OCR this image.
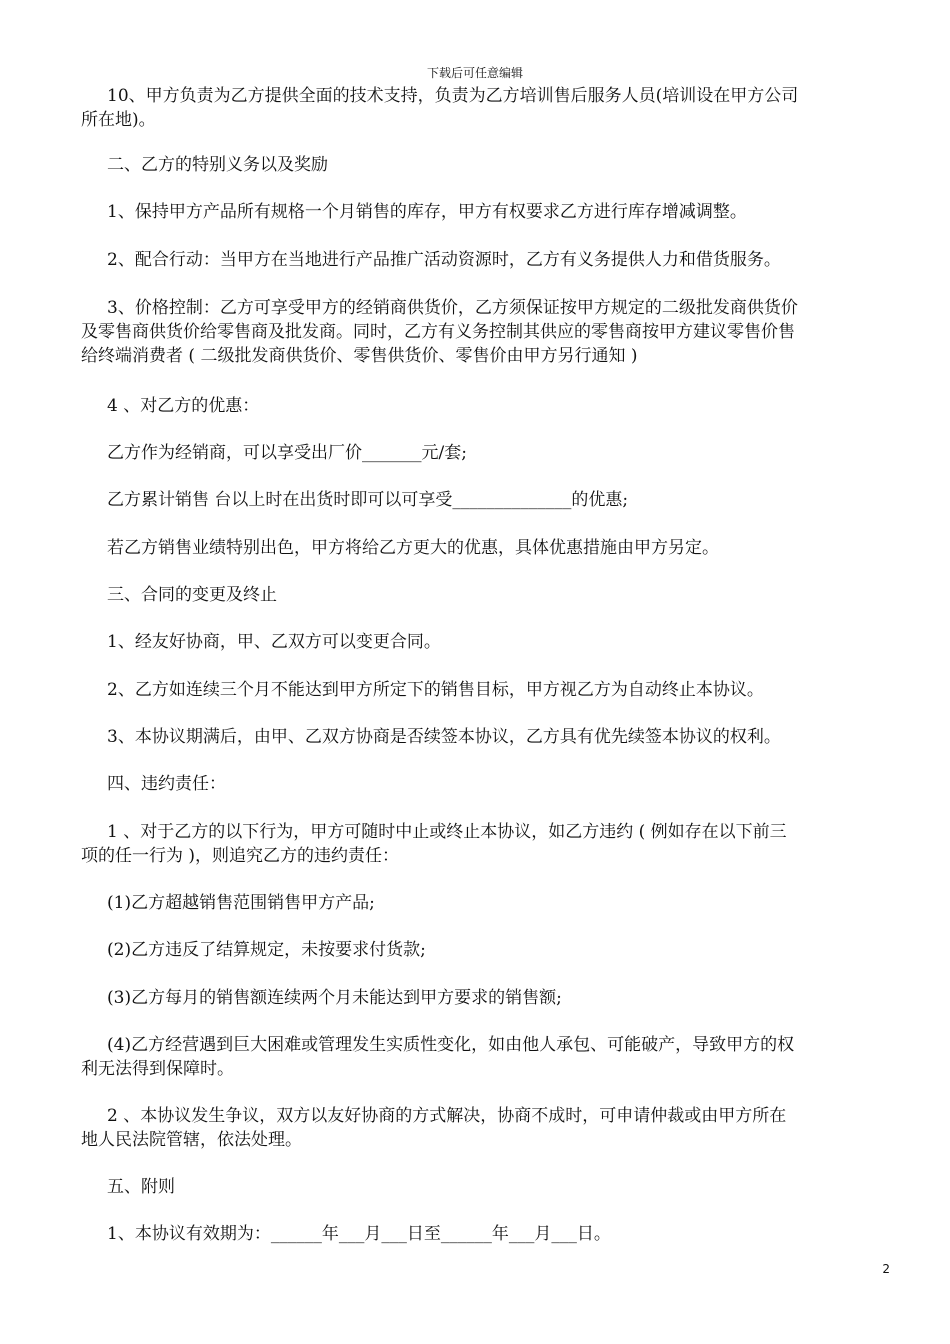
下载后可任意编辑
10、甲方负责为乙方提供全面的技术支持，负责为乙方培训售后服务人员(培训设在甲方公司
所在地)。
二、乙方的特别义务以及奖励
1、保持甲方产品所有规格一个月销售的库存，甲方有权要求乙方进行库存增减调整。
2、配合行动：当甲方在当地进行产品推广活动资源时，乙方有义务提供人力和借货服务。
3、价格控制：乙方可享受甲方的经销商供货价，乙方须保证按甲方规定的二级批发商供货价
及零售商供货价给零售商及批发商。同时，乙方有义务控制其供应的零售商按甲方建议零售价售
给终端消费者 ( 二级批发商供货价、零售供货价、零售价由甲方另行通知 )
4 、对乙方的优惠：
乙方作为经销商，可以享受出厂价_______元/套;
乙方累计销售 台以上时在出货时即可以可享受______________的优惠;
若乙方销售业绩特别出色，甲方将给乙方更大的优惠，具体优惠措施由甲方另定。
三、合同的变更及终止
1、经友好协商，甲、乙双方可以变更合同。
2、乙方如连续三个月不能达到甲方所定下的销售目标，甲方视乙方为自动终止本协议。
3、本协议期满后，由甲、乙双方协商是否续签本协议，乙方具有优先续签本协议的权利。
四、违约责任：
1 、对于乙方的以下行为，甲方可随时中止或终止本协议，如乙方违约 ( 例如存在以下前三
项的任一行为 )，则追究乙方的违约责任：
(1)乙方超越销售范围销售甲方产品;
(2)乙方违反了结算规定，未按要求付货款;
(3)乙方每月的销售额连续两个月未能达到甲方要求的销售额;
(4)乙方经营遇到巨大困难或管理发生实质性变化，如由他人承包、可能破产，导致甲方的权
利无法得到保障时。
2 、本协议发生争议，双方以友好协商的方式解决，协商不成时，可申请仲裁或由甲方所在
地人民法院管辖，依法处理。
五、附则
1、本协议有效期为：______年___月___日至______年___月___日。
2
